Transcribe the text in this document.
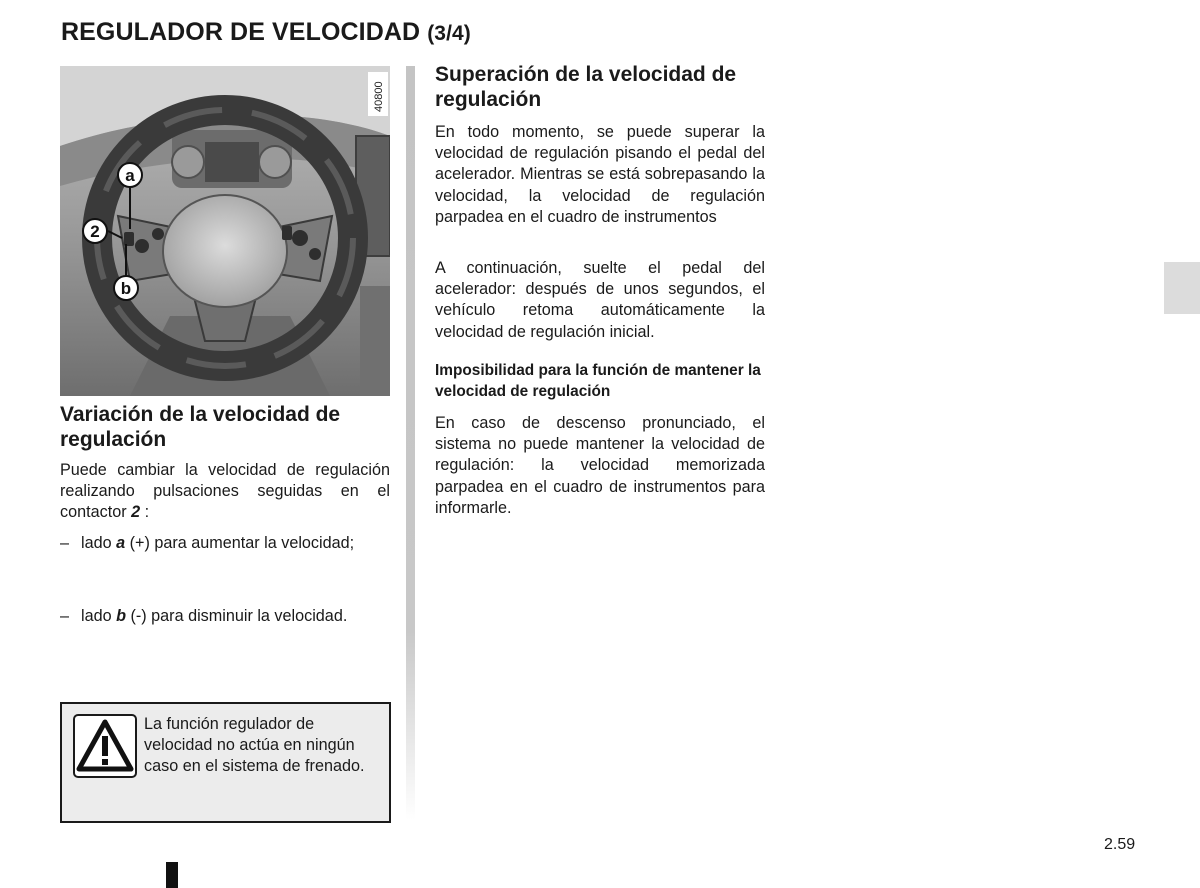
REGULADOR DE VELOCIDAD (3/4)
a
2
b
40800
Variación de la velocidad de regulación
Puede cambiar la velocidad de regulación realizando pulsaciones seguidas en el contactor 2 :
– lado a (+) para aumentar la velocidad;
– lado b (-) para disminuir la velocidad.
La función regulador de velocidad no actúa en ningún caso en el sistema de frenado.
Superación de la velocidad de regulación
En todo momento, se puede superar la velocidad de regulación pisando el pedal del acelerador. Mientras se está sobrepasando la velocidad, la velocidad de regulación parpadea en el cuadro de instrumentos
A continuación, suelte el pedal del acelerador: después de unos segundos, el vehículo retoma automáticamente la velocidad de regulación inicial.
Imposibilidad para la función de mantener la velocidad de regulación
En caso de descenso pronunciado, el sistema no puede mantener la velocidad de regulación: la velocidad memorizada parpadea en el cuadro de instrumentos para informarle.
2.59
